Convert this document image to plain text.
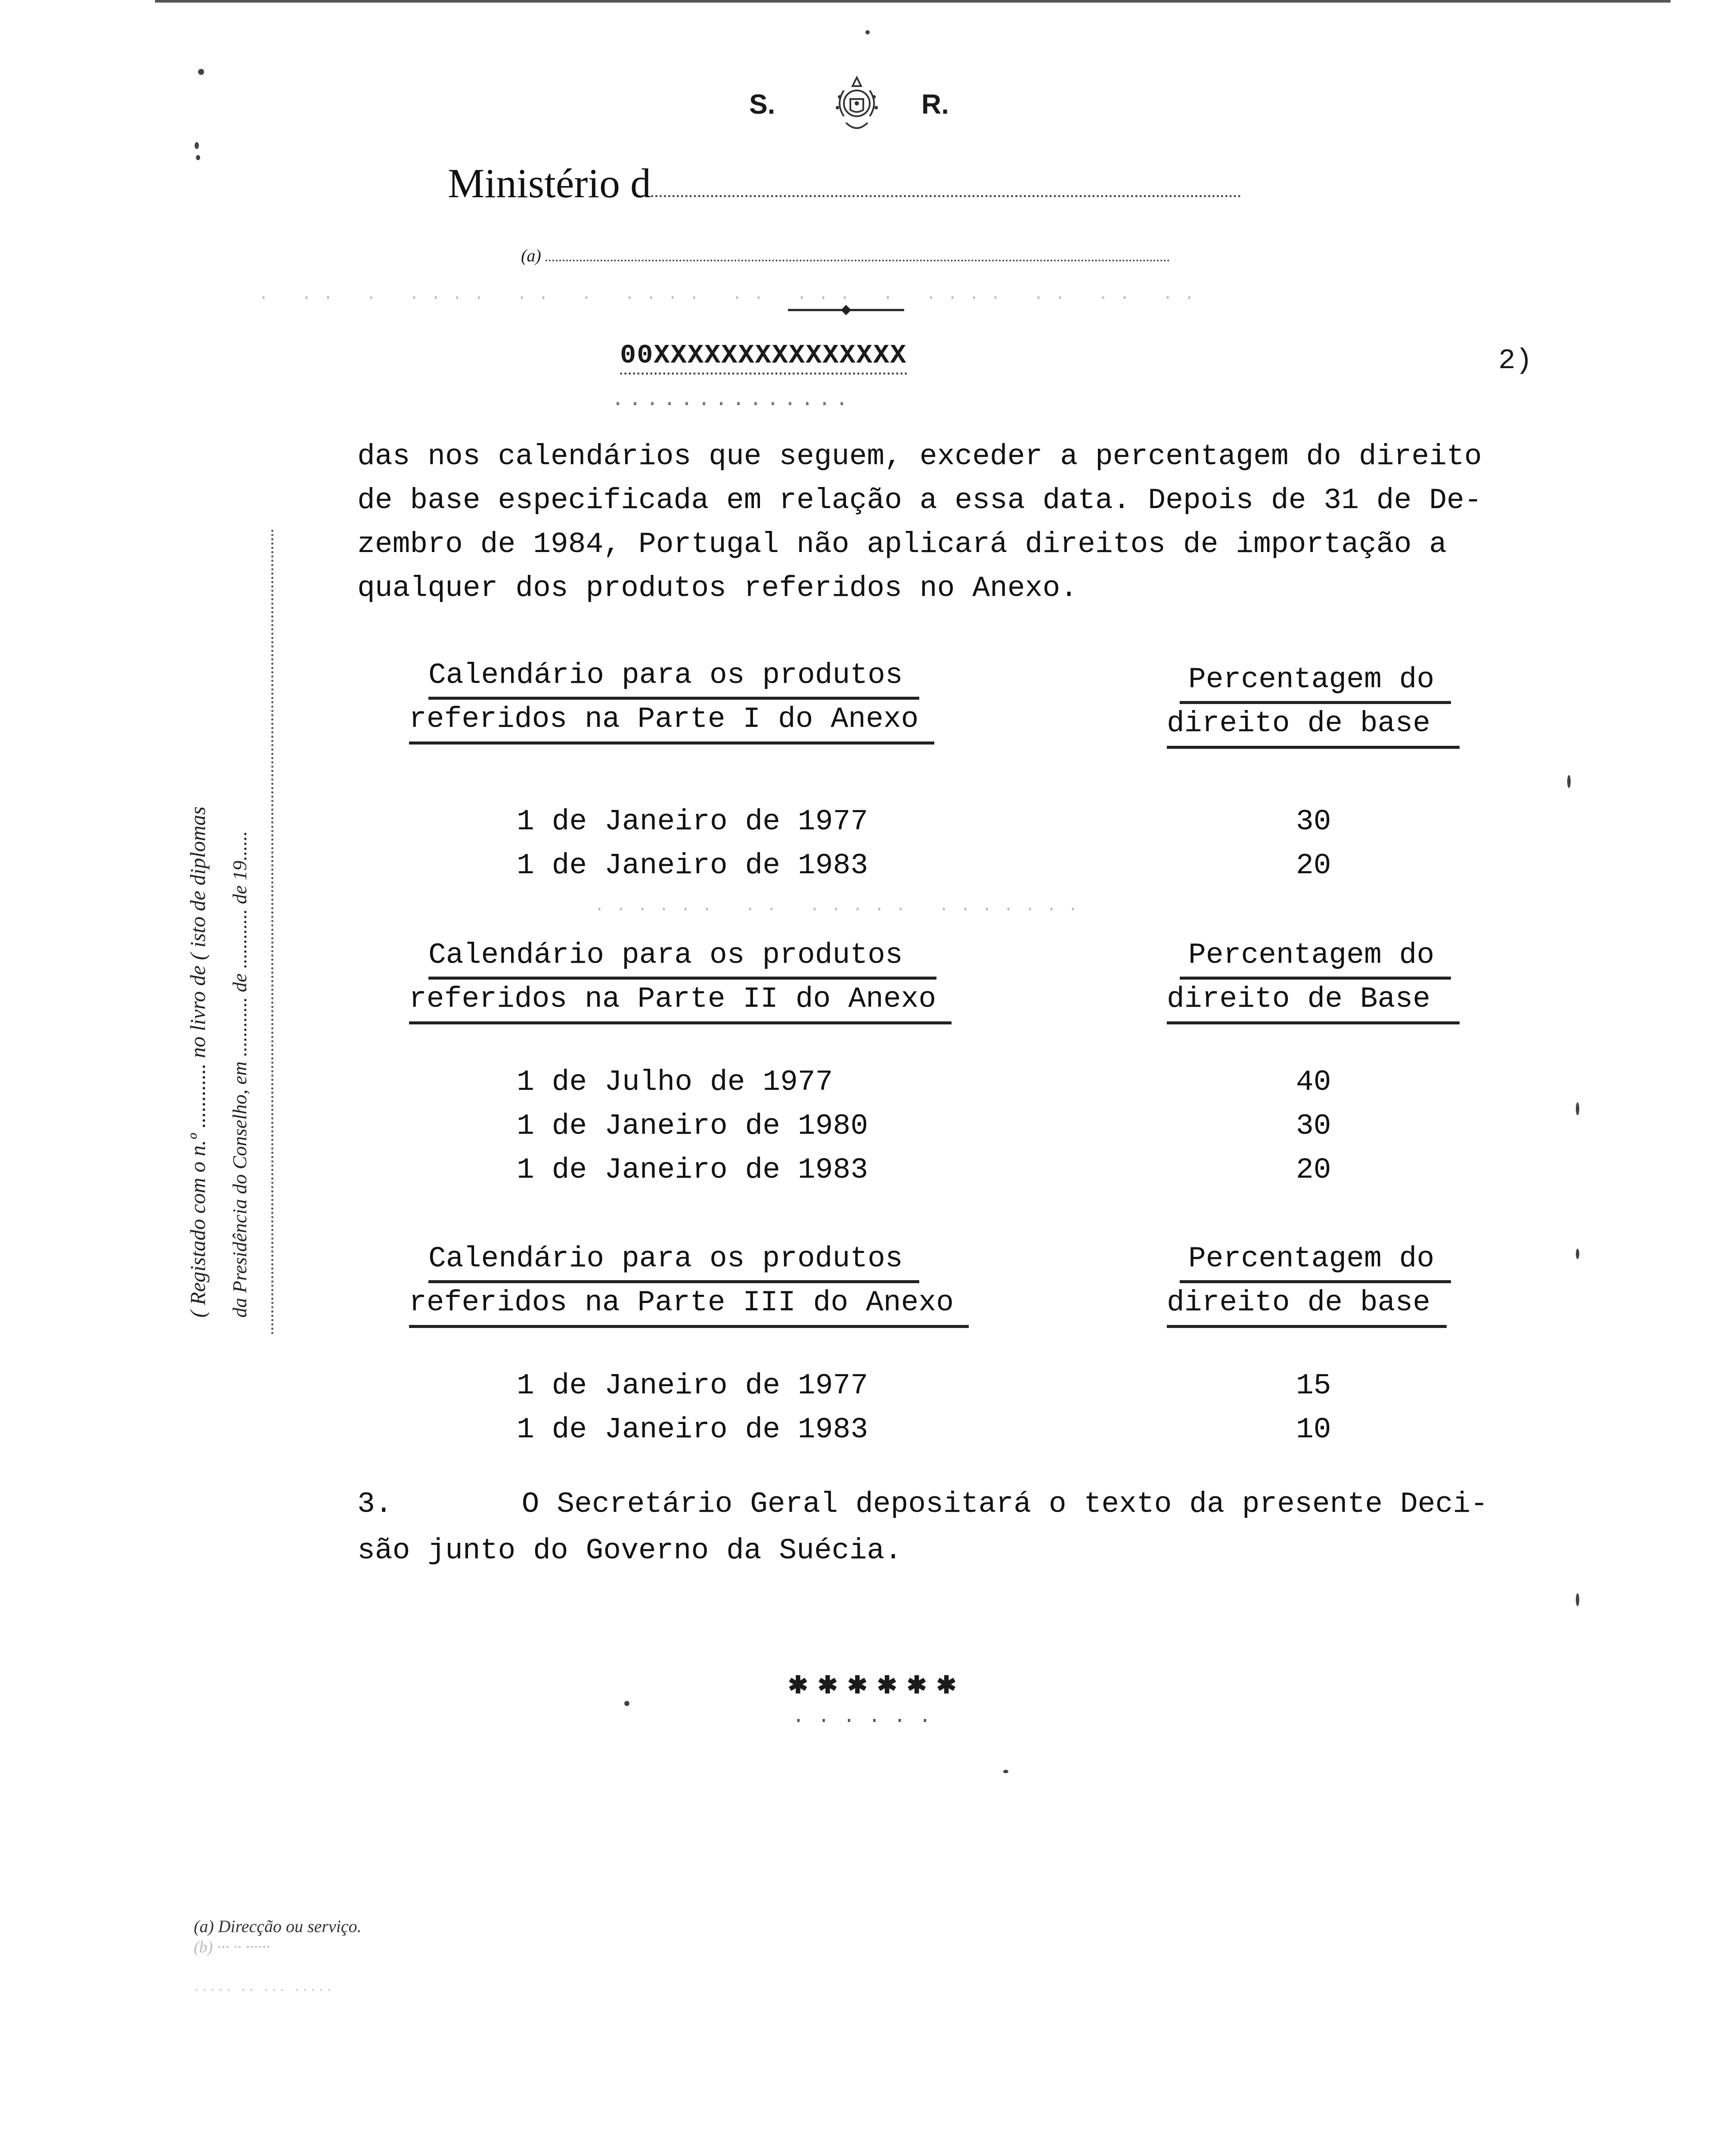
S.	R.
Ministério d
(a)
00XXXXXXXXXXXXXXX	2)
..............
das nos calendários que seguem, exceder a percentagem do direito
de base especificada em relação a essa data. Depois de 31 de De-
zembro de 1984, Portugal não aplicará direitos de importação a
qualquer dos produtos referidos no Anexo.
Calendário para os produtos
referidos na Parte I do Anexo
Percentagem do
direito de base
1 de Janeiro de 1977	30
1 de Janeiro de 1983	20
Calendário para os produtos
referidos na Parte II do Anexo
Percentagem do
direito de Base
1 de Julho de 1977	40
1 de Janeiro de 1980	30
1 de Janeiro de 1983	20
Calendário para os produtos
referidos na Parte III do Anexo
Percentagem do
direito de base
1 de Janeiro de 1977	15
1 de Janeiro de 1983	10
3.	O Secretário Geral depositará o texto da presente Deci-
são junto do Governo da Suécia.
✱✱✱✱✱✱
······
( Registado com o n.º ............ no livro de ( isto de diplomas da Presidência do Conselho, em ............ de ............ de 19......
(a) Direcção ou serviço.
(b) ··· ·· ······
····· ·· ··· ·····
······ ·· ····· ·······
· ·· · ···· ·· · ···· ·· ··· · ···· ·· ·· ··
